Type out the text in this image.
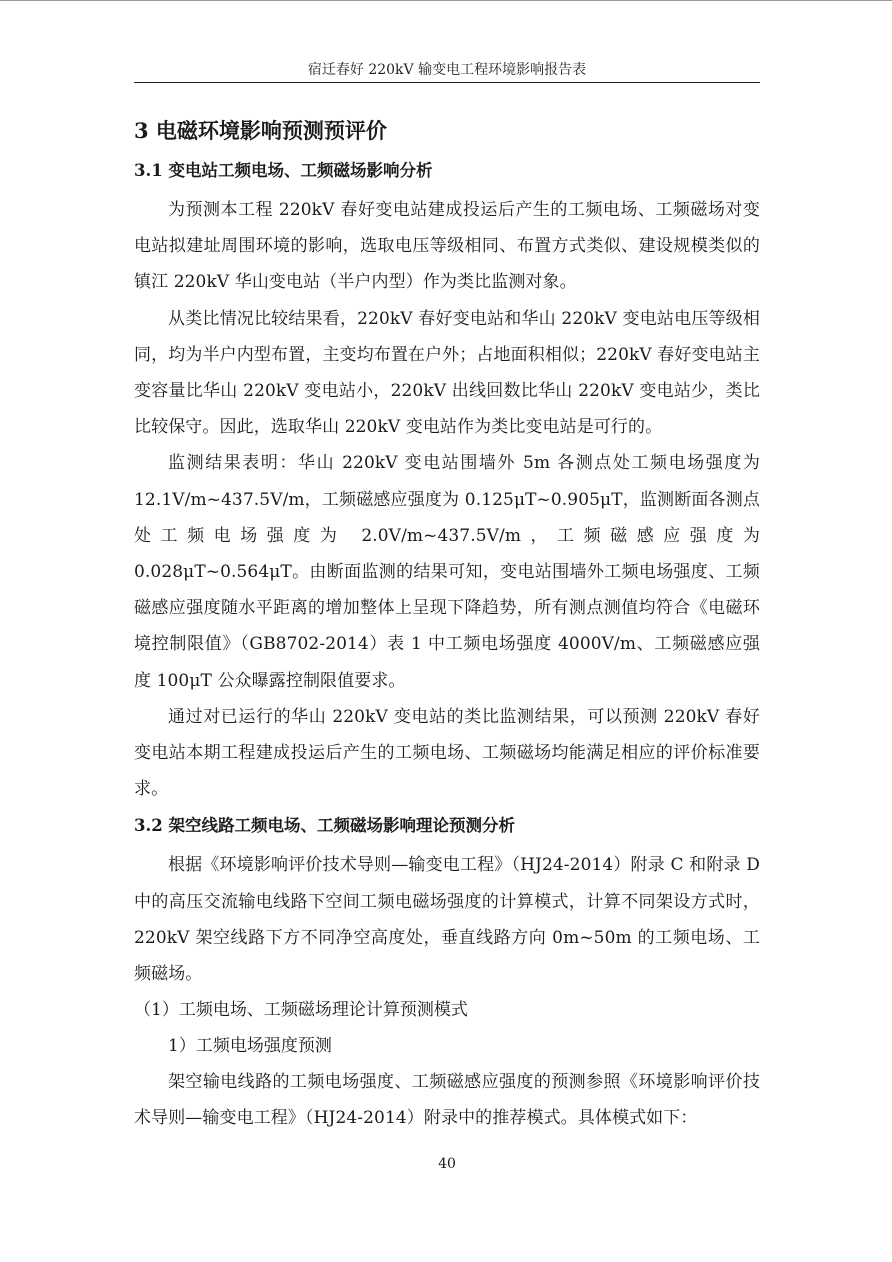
宿迁春好 220kV 输变电工程环境影响报告表
3 电磁环境影响预测预评价
3.1 变电站工频电场、工频磁场影响分析

为预测本工程 220kV 春好变电站建成投运后产生的工频电场、工频磁场对变电站拟建址周围环境的影响，选取电压等级相同、布置方式类似、建设规模类似的镇江 220kV 华山变电站（半户内型）作为类比监测对象。

从类比情况比较结果看，220kV 春好变电站和华山 220kV 变电站电压等级相同，均为半户内型布置，主变均布置在户外；占地面积相似；220kV 春好变电站主变容量比华山 220kV 变电站小，220kV 出线回数比华山 220kV 变电站少，类比比较保守。因此，选取华山 220kV 变电站作为类比变电站是可行的。

监测结果表明：华山 220kV 变电站围墙外 5m 各测点处工频电场强度为 12.1V/m~437.5V/m，工频磁感应强度为 0.125μT~0.905μT，监测断面各测点处工频电场强度为 2.0V/m~437.5V/m，工频磁感应强度为 0.028μT~0.564μT。由断面监测的结果可知，变电站围墙外工频电场强度、工频磁感应强度随水平距离的增加整体上呈现下降趋势，所有测点测值均符合《电磁环境控制限值》（GB8702-2014）表 1 中工频电场强度 4000V/m、工频磁感应强度 100μT 公众曝露控制限值要求。

通过对已运行的华山 220kV 变电站的类比监测结果，可以预测 220kV 春好变电站本期工程建成投运后产生的工频电场、工频磁场均能满足相应的评价标准要求。

3.2 架空线路工频电场、工频磁场影响理论预测分析

根据《环境影响评价技术导则—输变电工程》（HJ24-2014）附录 C 和附录 D 中的高压交流输电线路下空间工频电磁场强度的计算模式，计算不同架设方式时，220kV 架空线路下方不同净空高度处，垂直线路方向 0m~50m 的工频电场、工频磁场。

（1）工频电场、工频磁场理论计算预测模式

1）工频电场强度预测

架空输电线路的工频电场强度、工频磁感应强度的预测参照《环境影响评价技术导则—输变电工程》（HJ24-2014）附录中的推荐模式。具体模式如下：

40
